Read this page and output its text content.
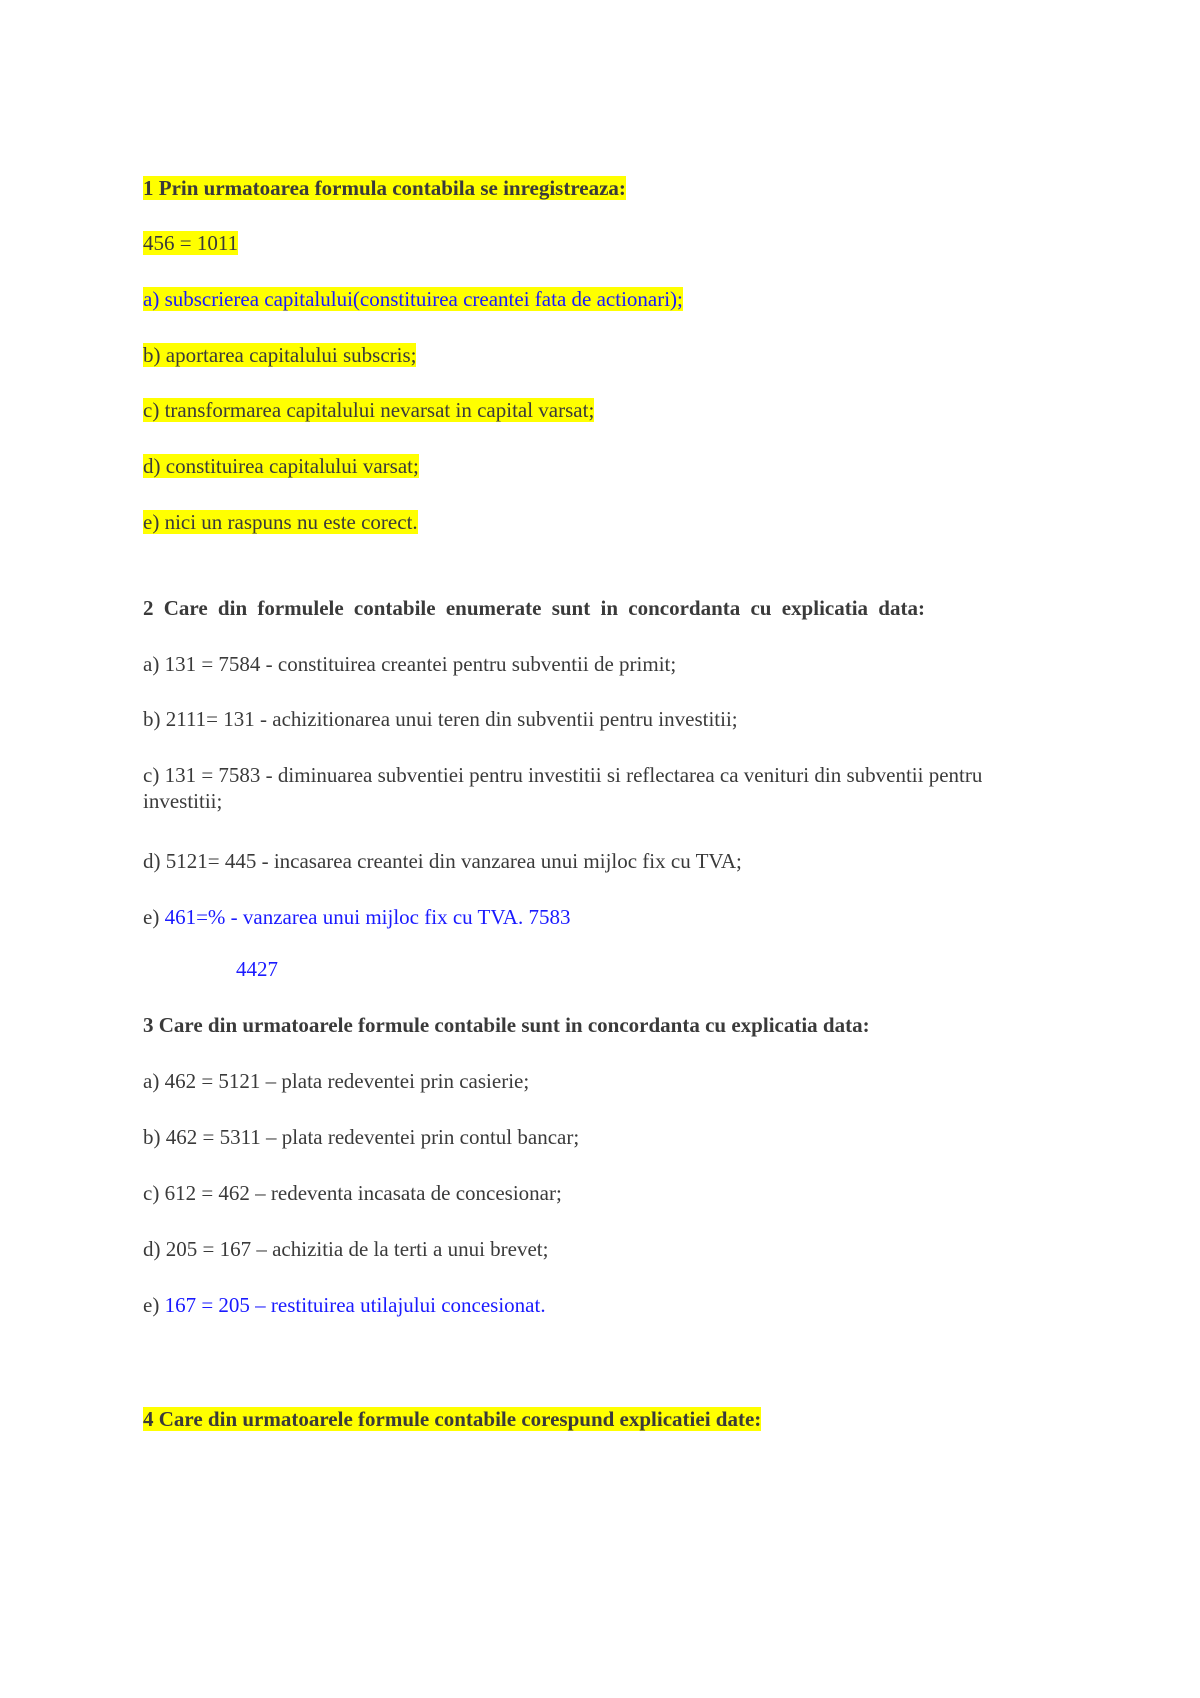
1 Prin urmatoarea formula contabila se inregistreaza:
456 = 1011
a) subscrierea capitalului(constituirea creantei fata de actionari);
b) aportarea capitalului subscris;
c) transformarea capitalului nevarsat in capital varsat;
d) constituirea capitalului varsat;
e) nici un raspuns nu este corect.
2 Care din formulele contabile enumerate sunt in concordanta cu explicatia data:
a) 131 = 7584 - constituirea creantei pentru subventii de primit;
b) 2111= 131 - achizitionarea unui teren din subventii pentru investitii;
c) 131 = 7583 - diminuarea subventiei pentru investitii si reflectarea ca venituri din subventii pentru investitii;
d) 5121= 445 - incasarea creantei din vanzarea unui mijloc fix cu TVA;
e) 461=% - vanzarea unui mijloc fix cu TVA. 7583
4427
3 Care din urmatoarele formule contabile sunt in concordanta cu explicatia data:
a) 462 = 5121 – plata redeventei prin casierie;
b) 462 = 5311 – plata redeventei prin contul bancar;
c) 612 = 462 – redeventa incasata de concesionar;
d) 205 = 167 – achizitia de la terti a unui brevet;
e) 167 = 205 – restituirea utilajului concesionat.
4 Care din urmatoarele formule contabile corespund explicatiei date:
